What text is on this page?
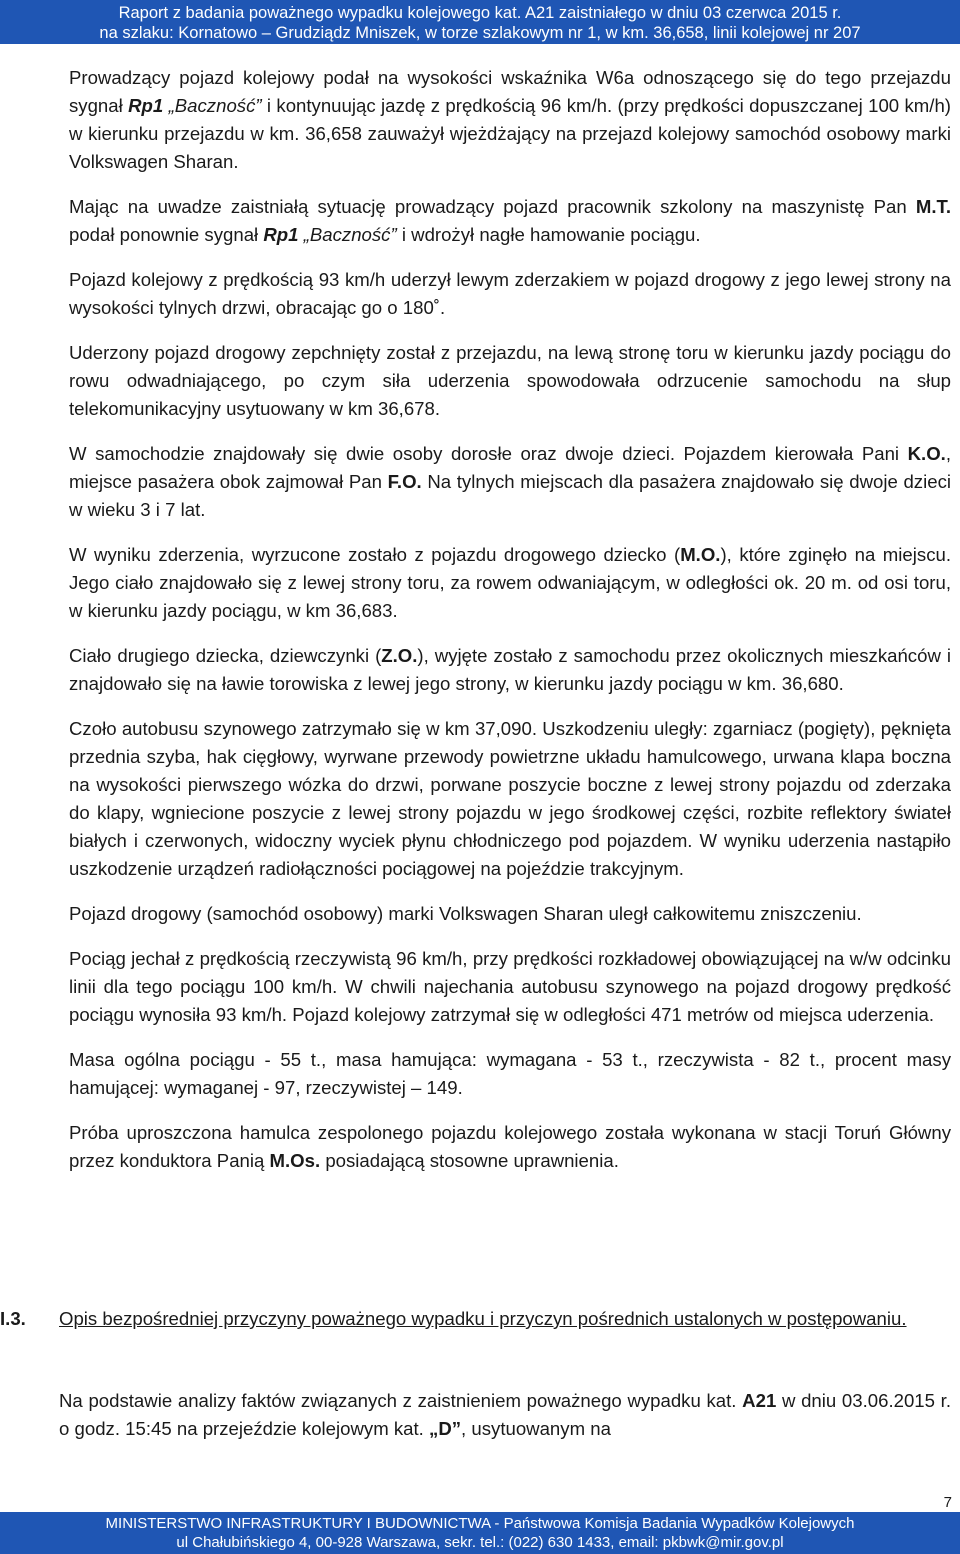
Raport z badania poważnego wypadku kolejowego kat. A21 zaistniałego w dniu 03 czerwca 2015 r.
na szlaku: Kornatowo – Grudziądz Mniszek, w torze szlakowym nr 1, w km. 36,658, linii kolejowej nr 207

Prowadzący pojazd kolejowy podał na wysokości wskaźnika W6a odnoszącego się do tego przejazdu sygnał Rp1 „Baczność” i kontynuując jazdę z prędkością 96 km/h. (przy prędkości dopuszczanej 100 km/h) w kierunku przejazdu w km. 36,658 zauważył wjeżdżający na przejazd kolejowy samochód osobowy marki Volkswagen Sharan.

Mając na uwadze zaistniałą sytuację prowadzący pojazd pracownik szkolony na maszynistę Pan M.T. podał ponownie sygnał Rp1 „Baczność” i wdrożył nagłe hamowanie pociągu.

Pojazd kolejowy z prędkością 93 km/h uderzył lewym zderzakiem w pojazd drogowy z jego lewej strony na wysokości tylnych drzwi, obracając go o 180˚.

Uderzony pojazd drogowy zepchnięty został z przejazdu, na lewą stronę toru w kierunku jazdy pociągu do rowu odwadniającego, po czym siła uderzenia spowodowała odrzucenie samochodu na słup telekomunikacyjny usytuowany w km 36,678.

W samochodzie znajdowały się dwie osoby dorosłe oraz dwoje dzieci. Pojazdem kierowała Pani K.O., miejsce pasażera obok zajmował Pan F.O. Na tylnych miejscach dla pasażera znajdowało się dwoje dzieci w wieku 3 i 7 lat.

W wyniku zderzenia, wyrzucone zostało z pojazdu drogowego dziecko (M.O.), które zginęło na miejscu. Jego ciało znajdowało się z lewej strony toru, za rowem odwaniającym, w odległości ok. 20 m. od osi toru, w kierunku jazdy pociągu, w km 36,683.

Ciało drugiego dziecka, dziewczynki (Z.O.), wyjęte zostało z samochodu przez okolicznych mieszkańców i znajdowało się na ławie torowiska z lewej jego strony, w kierunku jazdy pociągu w km. 36,680.

Czoło autobusu szynowego zatrzymało się w km 37,090. Uszkodzeniu uległy: zgarniacz (pogięty), pęknięta przednia szyba, hak cięgłowy, wyrwane przewody powietrzne układu hamulcowego, urwana klapa boczna na wysokości pierwszego wózka do drzwi, porwane poszycie boczne z lewej strony pojazdu od zderzaka do klapy, wgniecione poszycie z lewej strony pojazdu w jego środkowej części, rozbite reflektory świateł białych i czerwonych, widoczny wyciek płynu chłodniczego pod pojazdem. W wyniku uderzenia nastąpiło uszkodzenie urządzeń radiołączności pociągowej na pojeździe trakcyjnym.

Pojazd drogowy (samochód osobowy) marki Volkswagen Sharan uległ całkowitemu zniszczeniu.

Pociąg jechał z prędkością rzeczywistą 96 km/h, przy prędkości rozkładowej obowiązującej na w/w odcinku linii dla tego pociągu 100 km/h. W chwili najechania autobusu szynowego na pojazd drogowy prędkość pociągu wynosiła 93 km/h. Pojazd kolejowy zatrzymał się w odległości 471 metrów od miejsca uderzenia.

Masa ogólna pociągu - 55 t., masa hamująca: wymagana - 53 t., rzeczywista - 82 t., procent masy hamującej: wymaganej - 97, rzeczywistej – 149.

Próba uproszczona hamulca zespolonego pojazdu kolejowego została wykonana w stacji Toruń Główny przez konduktora Panią M.Os. posiadającą stosowne uprawnienia.

I.3. Opis bezpośredniej przyczyny poważnego wypadku i przyczyn pośrednich ustalonych w postępowaniu.
Na podstawie analizy faktów związanych z zaistnieniem poważnego wypadku kat. A21 w dniu 03.06.2015 r. o godz. 15:45 na przejeździe kolejowym kat. „D”, usytuowanym na
7
MINISTERSTWO INFRASTRUKTURY I BUDOWNICTWA - Państwowa Komisja Badania Wypadków Kolejowych
ul Chałubińskiego 4, 00-928 Warszawa, sekr. tel.: (022) 630 1433, email: pkbwk@mir.gov.pl
